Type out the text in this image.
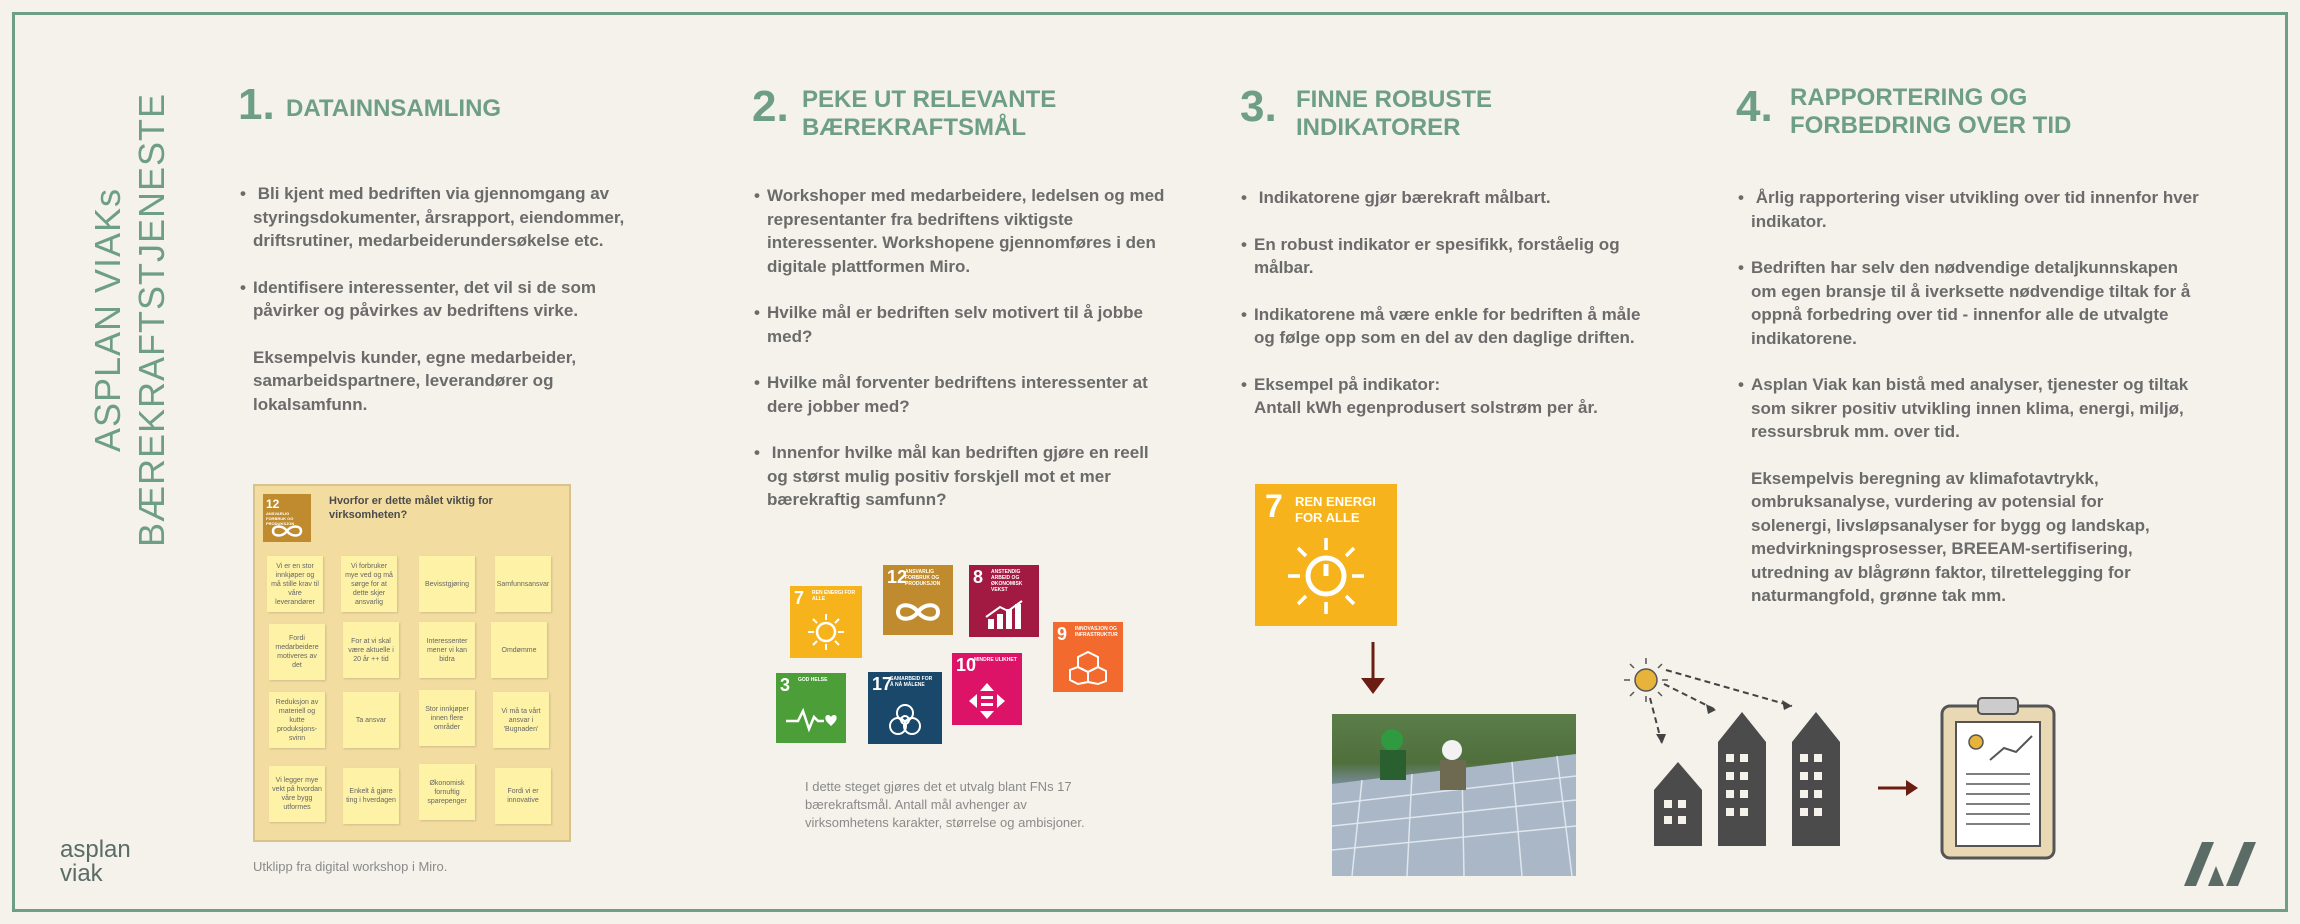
ASPLAN VIAKs
BÆREKRAFTSTJENESTE
asplan
viak
1. DATAINNSAMLING

• Bli kjent med bedriften via gjennomgang av styringsdokumenter, årsrapport, eiendommer, driftsrutiner, medarbeiderundersøkelse etc.

• Identifisere interessenter, det vil si de som påvirker og påvirkes av bedriftens virke.

Eksempelvis kunder, egne medarbeider, samarbeidspartnere, leverandører og lokalsamfunn.

12
ANSVARLIG FORBRUK OG PRODUKSJON
Hvorfor er dette målet viktig for virksomheten?
Vi er en stor innkjøper og må stille krav til våre leverandører
Vi forbruker mye ved og må sørge for at dette skjer ansvarlig
Bevisstgjøring	Samfunnsansvar
Fordi medarbeidere motiveres av det
For at vi skal være aktuelle i 20 år ++ tid
Interessenter mener vi kan bidra
Omdømme
Reduksjon av materiell og kutte produksjons-svinn
Ta ansvar
Stor innkjøper innen flere områder
Vi må ta vårt ansvar i 'Bugnaden'
Vi legger mye vekt på hvordan våre bygg utformes
Enkelt å gjøre ting i hverdagen
Økonomisk fornuftig sparepenger
Fordi vi er innovative
Utklipp fra digital workshop i Miro.
2. PEKE UT RELEVANTE
BÆREKRAFTSMÅL

• Workshoper med medarbeidere, ledelsen og med representanter fra bedriftens viktigste interessenter. Workshopene gjennomføres i den digitale plattformen Miro.

• Hvilke mål er bedriften selv motivert til å jobbe med?

• Hvilke mål forventer bedriftens interessenter at dere jobber med?

• Innenfor hvilke mål kan bedriften gjøre en reell og størst mulig positiv forskjell mot et mer bærekraftig samfunn?

7 REN ENERGI FOR ALLE
12
ANSVARLIG FORBRUK OG PRODUKSJON	8 ANSTENDIG ARBEID OG ØKONOMISK VEKST
9 INNOVASJON OG INFRASTRUKTUR
3 GOD HELSE	17
SAMARBEID FOR Å NÅ MÅLENE
10
MINDRE ULIKHET
I dette steget gjøres det et utvalg blant FNs 17 bærekraftsmål. Antall mål avhenger av virksomhetens karakter, størrelse og ambisjoner.
3. FINNE ROBUSTE
INDIKATORER

• Indikatorene gjør bærekraft målbart.

• En robust indikator er spesifikk, forståelig og målbar.

• Indikatorene må være enkle for bedriften å måle og følge opp som en del av den daglige driften.

• Eksempel på indikator:

Antall kWh egenprodusert solstrøm per år.

7 REN ENERGI
FOR ALLE
4. RAPPORTERING OG
FORBEDRING OVER TID

• Årlig rapportering viser utvikling over tid innenfor hver indikator.

• Bedriften har selv den nødvendige detaljkunnskapen om egen bransje til å iverksette nødvendige tiltak for å oppnå forbedring over tid - innenfor alle de utvalgte indikatorene.

• Asplan Viak kan bistå med analyser, tjenester og tiltak som sikrer positiv utvikling innen klima, energi, miljø, ressursbruk mm. over tid.

Eksempelvis beregning av klimafotavtrykk, ombruksanalyse, vurdering av potensial for solenergi, livsløpsanalyser for bygg og landskap, medvirkningsprosesser, BREEAM-sertifisering, utredning av blågrønn faktor, tilrettelegging for naturmangfold, grønne tak mm.
